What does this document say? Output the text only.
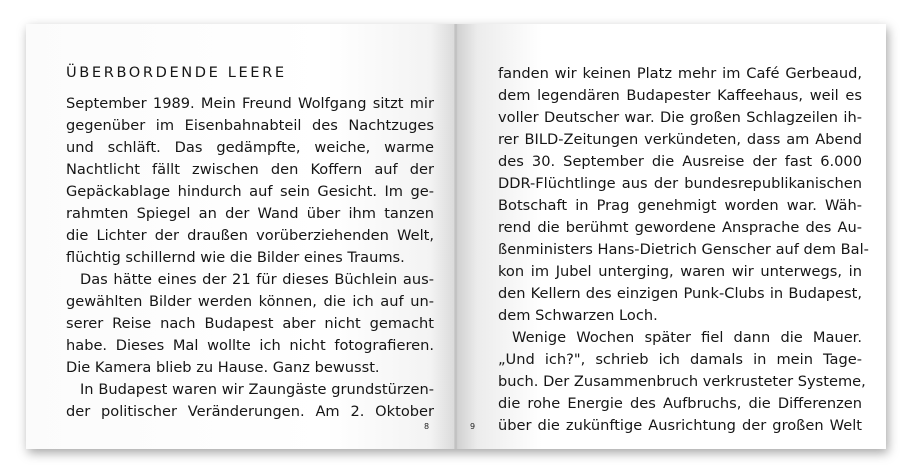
ÜBERBORDENDE LEERE
September 1989. Mein Freund Wolfgang sitzt mir
gegenüber im Eisenbahnabteil des Nachtzuges
und schläft. Das gedämpfte, weiche, warme
Nachtlicht fällt zwischen den Koffern auf der
Gepäckablage hindurch auf sein Gesicht. Im ge-
rahmten Spiegel an der Wand über ihm tanzen
die Lichter der draußen vorüberziehenden Welt,
flüchtig schillernd wie die Bilder eines Traums.
Das hätte eines der 21 für dieses Büchlein aus-
gewählten Bilder werden können, die ich auf un-
serer Reise nach Budapest aber nicht gemacht
habe. Dieses Mal wollte ich nicht fotografieren.
Die Kamera blieb zu Hause. Ganz bewusst.
In Budapest waren wir Zaungäste grundstürzen-
der politischer Veränderungen. Am 2. Oktober
8
fanden wir keinen Platz mehr im Café Gerbeaud,
dem legendären Budapester Kaffeehaus, weil es
voller Deutscher war. Die großen Schlagzeilen ih-
rer BILD-Zeitungen verkündeten, dass am Abend
des 30. September die Ausreise der fast 6.000
DDR-Flüchtlinge aus der bundesrepublikanischen
Botschaft in Prag genehmigt worden war. Wäh-
rend die berühmt gewordene Ansprache des Au-
ßenministers Hans-Dietrich Genscher auf dem Bal-
kon im Jubel unterging, waren wir unterwegs, in
den Kellern des einzigen Punk-Clubs in Budapest,
dem Schwarzen Loch.
Wenige Wochen später fiel dann die Mauer.
„Und ich?", schrieb ich damals in mein Tage-
buch. Der Zusammenbruch verkrusteter Systeme,
die rohe Energie des Aufbruchs, die Differenzen
über die zukünftige Ausrichtung der großen Welt
9
